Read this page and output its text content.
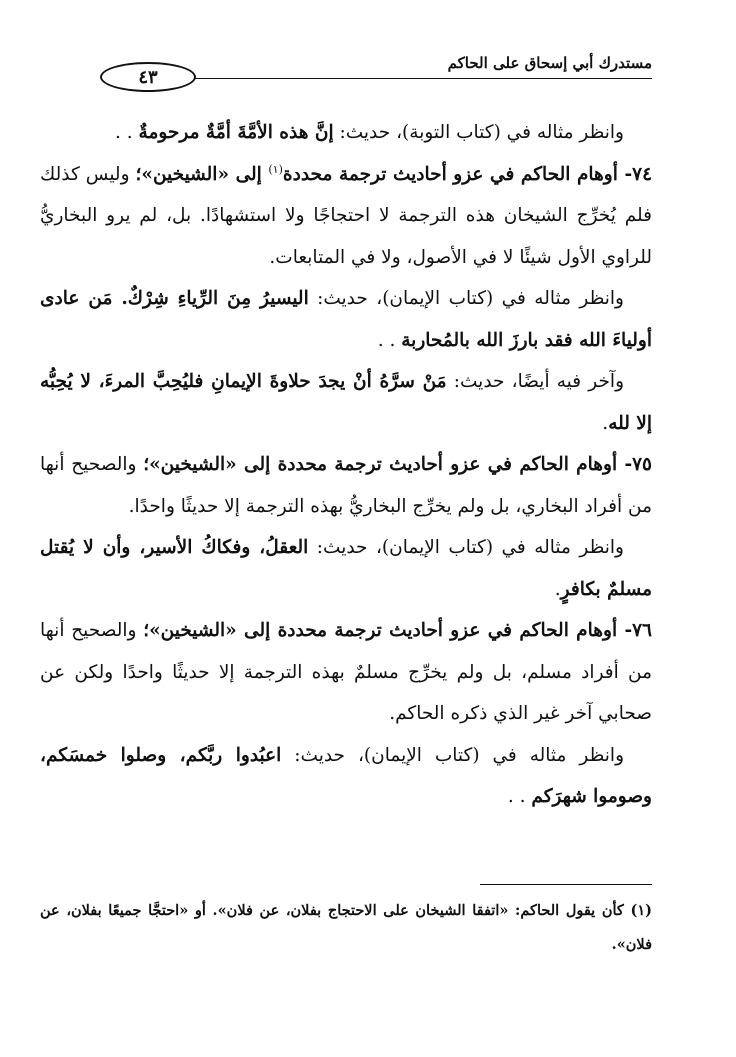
مستدرك أبي إسحاق على الحاكم
٤٣

وانظر مثاله في (كتاب التوبة)، حديث: إنَّ هذه الأمَّةَ أمَّةٌ مرحومةٌ . .

٧٤- أوهام الحاكم في عزو أحاديث ترجمة محددة$^{(١)}$ إلى «الشيخين»؛ وليس كذلك فلم يُخرِّج الشيخان هذه الترجمة لا احتجاجًا ولا استشهادًا. بل، لم يرو البخاريُّ للراوي الأول شيئًا لا في الأصول، ولا في المتابعات.

وانظر مثاله في (كتاب الإيمان)، حديث: اليسيرُ مِنَ الرِّياءِ شِرْكٌ. مَن عادى أولياءَ الله فقد بارزَ الله بالمُحاربة . .

وآخر فيه أيضًا، حديث: مَنْ سرَّهُ أنْ يجدَ حلاوةَ الإيمانِ فليُحِبَّ المرءَ، لا يُحِبُّه إلا لله.

٧٥- أوهام الحاكم في عزو أحاديث ترجمة محددة إلى «الشيخين»؛ والصحيح أنها من أفراد البخاري، بل ولم يخرِّج البخاريُّ بهذه الترجمة إلا حديثًا واحدًا.

وانظر مثاله في (كتاب الإيمان)، حديث: العقلُ، وفكاكُ الأسير، وأن لا يُقتل مسلمٌ بكافرٍ.

٧٦- أوهام الحاكم في عزو أحاديث ترجمة محددة إلى «الشيخين»؛ والصحيح أنها من أفراد مسلم، بل ولم يخرِّج مسلمٌ بهذه الترجمة إلا حديثًا واحدًا ولكن عن صحابي آخر غير الذي ذكره الحاكم.

وانظر مثاله في (كتاب الإيمان)، حديث: اعبُدوا ربَّكم، وصلوا خمسَكم، وصوموا شهرَكم . .

(١) كأن يقول الحاكم: «اتفقا الشيخان على الاحتجاج بفلان، عن فلان». أو «احتجَّا جميعًا بفلان، عن فلان».
